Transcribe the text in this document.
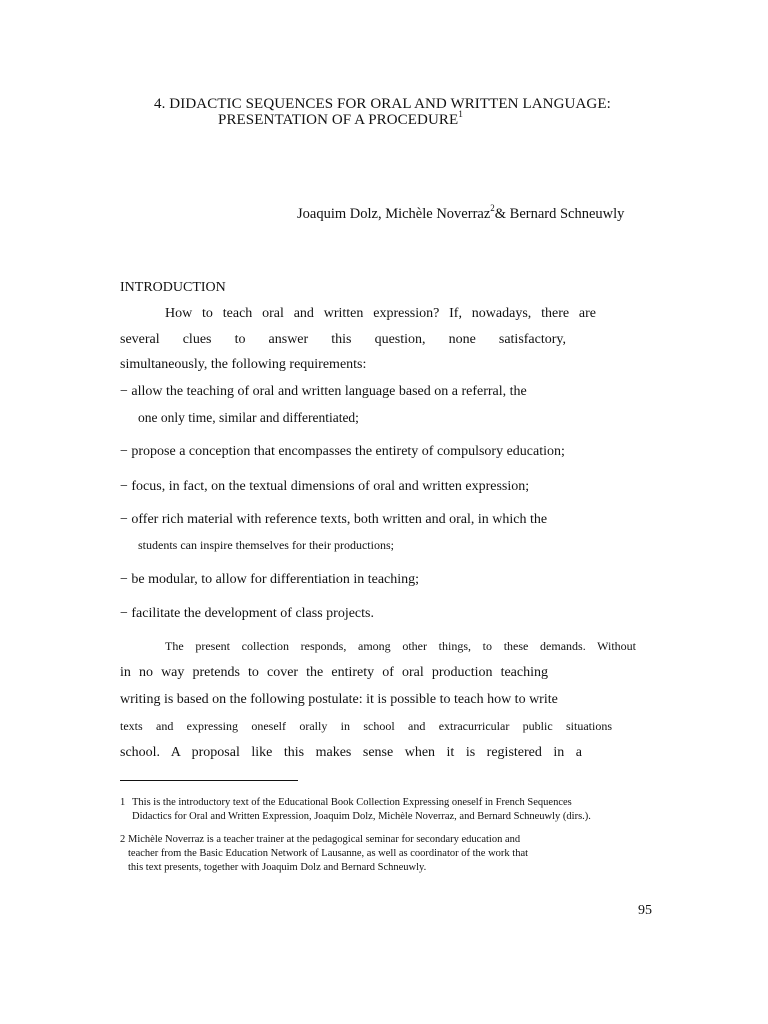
4. DIDACTIC SEQUENCES FOR ORAL AND WRITTEN LANGUAGE:
PRESENTATION OF A PROCEDURE$^1$
Joaquim Dolz, Michèle Noverraz$^2$& Bernard Schneuwly
INTRODUCTION
How to teach oral and written expression? If, nowadays, there are
several clues to answer this question, none satisfactory,
simultaneously, the following requirements:
− allow the teaching of oral and written language based on a referral, the
one only time, similar and differentiated;
− propose a conception that encompasses the entirety of compulsory education;
− focus, in fact, on the textual dimensions of oral and written expression;
− offer rich material with reference texts, both written and oral, in which the
students can inspire themselves for their productions;
− be modular, to allow for differentiation in teaching;
− facilitate the development of class projects.
The present collection responds, among other things, to these demands. Without
in no way pretends to cover the entirety of oral production teaching
writing is based on the following postulate: it is possible to teach how to write
texts and expressing oneself orally in school and extracurricular public situations
school. A proposal like this makes sense when it is registered in a
1 This is the introductory text of the Educational Book Collection Expressing oneself in French Sequences
Didactics for Oral and Written Expression, Joaquim Dolz, Michèle Noverraz, and Bernard Schneuwly (dirs.).
2 Michèle Noverraz is a teacher trainer at the pedagogical seminar for secondary education and
teacher from the Basic Education Network of Lausanne, as well as coordinator of the work that
this text presents, together with Joaquim Dolz and Bernard Schneuwly.
95
